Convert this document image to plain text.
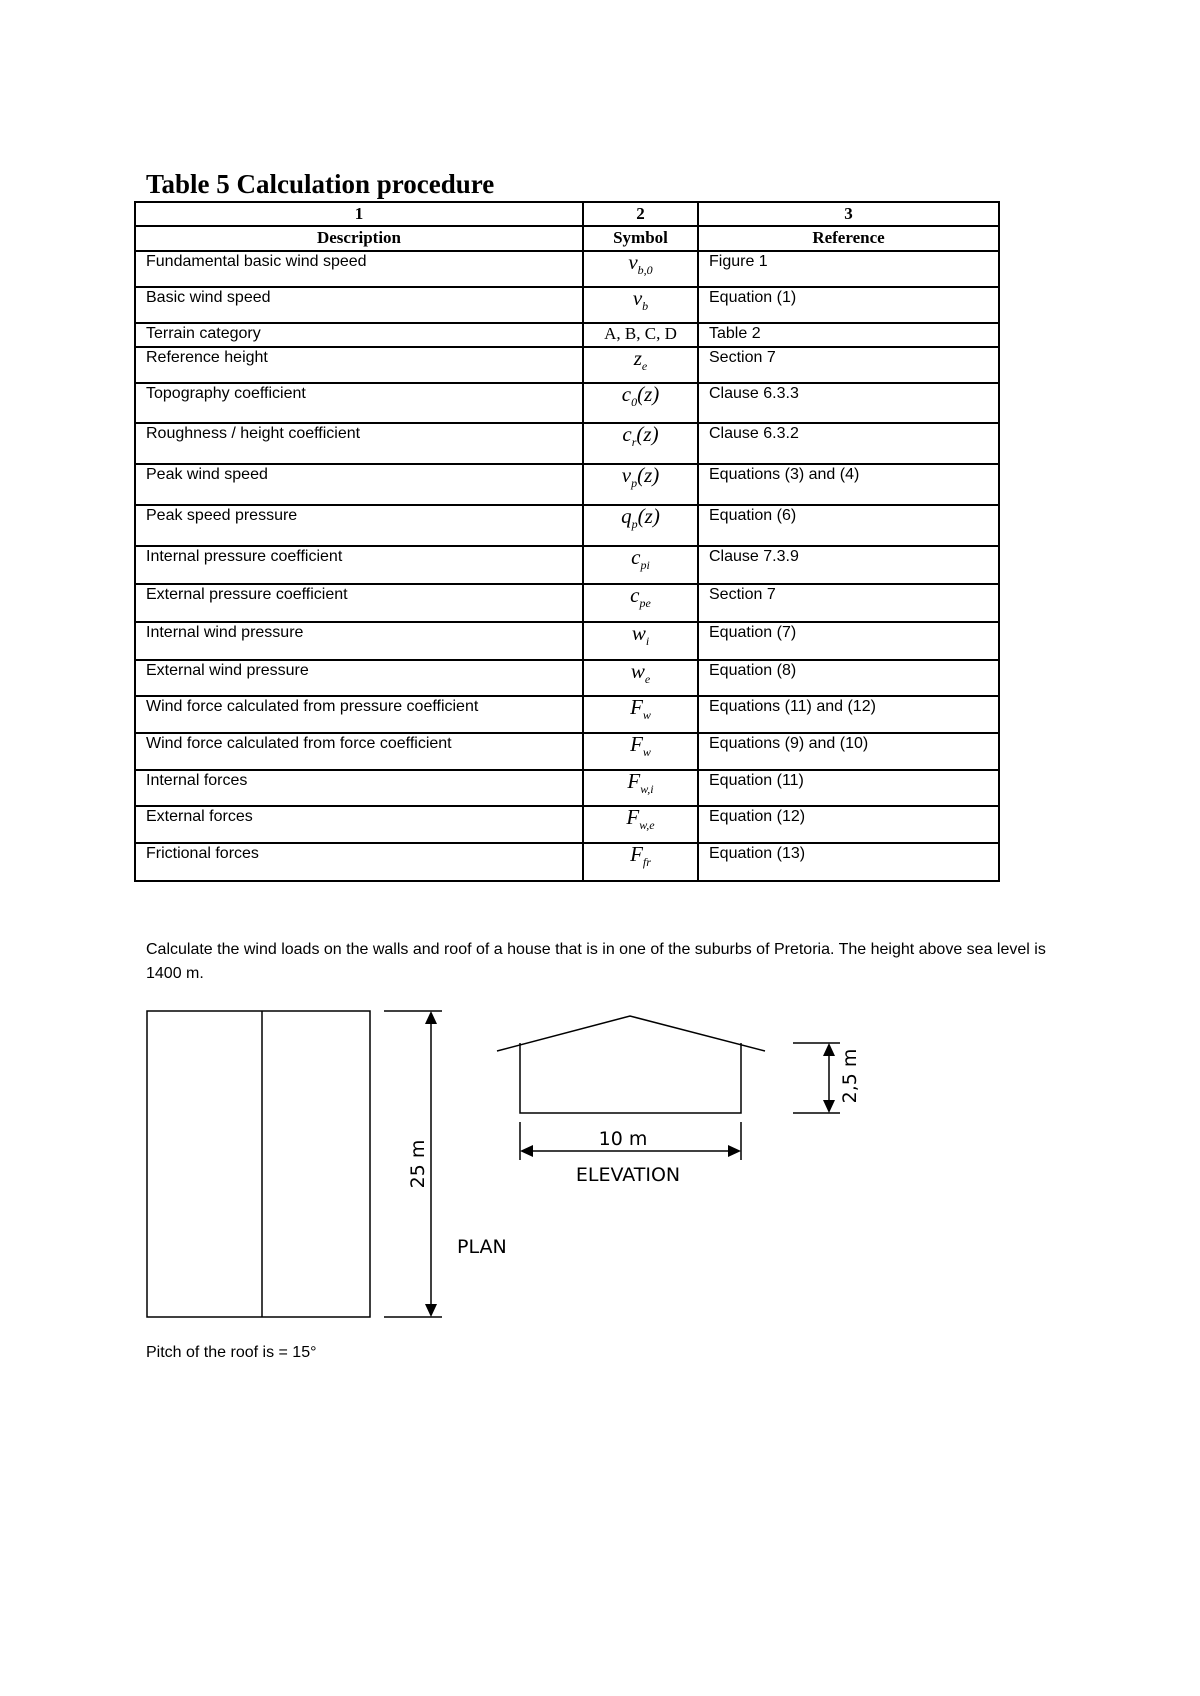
Table 5 Calculation procedure
1	2	3
Description	Symbol	Reference
Fundamental basic wind speed	$v_{b,0}$	Figure 1
Basic wind speed	$v_b$	Equation (1)
Terrain category	A, B, C, D	Table 2
Reference height	$z_e$	Section 7
Topography coefficient	$c_0(z)$	Clause 6.3.3
Roughness / height coefficient	$c_r(z)$	Clause 6.3.2
Peak wind speed	$v_p(z)$	Equations (3) and (4)
Peak speed pressure	$q_p(z)$	Equation (6)
Internal pressure coefficient	$c_{pi}$	Clause 7.3.9
External pressure coefficient	$c_{pe}$	Section 7
Internal wind pressure	$w_i$	Equation (7)
External wind pressure	$w_e$	Equation (8)
Wind force calculated from pressure coefficient	$F_w$	Equations (11) and (12)
Wind force calculated from force coefficient	$F_w$	Equations (9) and (10)
Internal forces	$F_{w,i}$	Equation (11)
External forces	$F_{w,e}$	Equation (12)
Frictional forces	$F_{fr}$	Equation (13)
Calculate the wind loads on the walls and roof of a house that is in one of the suburbs of Pretoria. The height above sea level is 1400 m.
25 m
PLAN
10 m
ELEVATION
2,5 m
Pitch of the roof is = 15°
